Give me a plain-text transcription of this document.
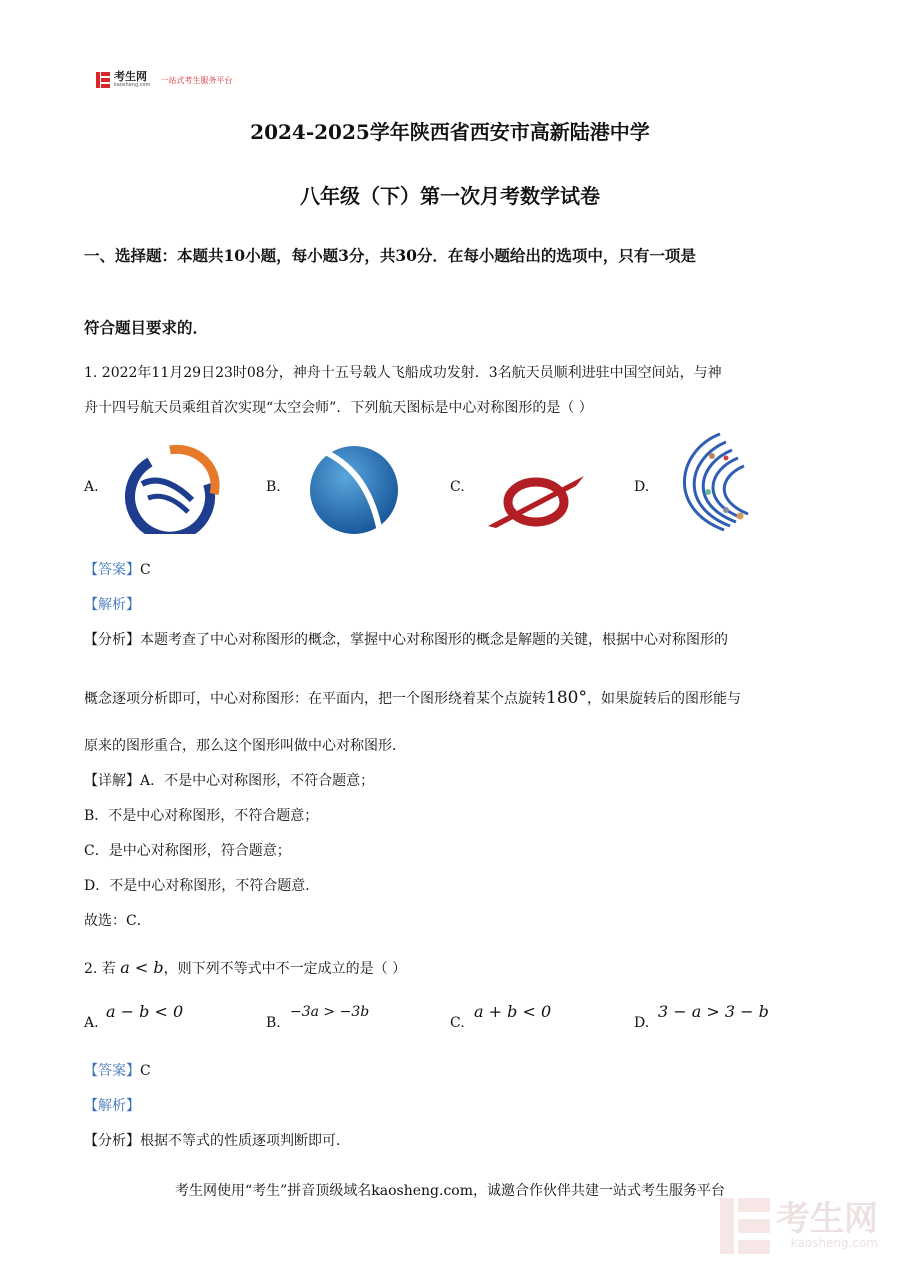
考生网
kaosheng.com
一站式考生服务平台
2024-2025学年陕西省西安市高新陆港中学
八年级（下）第一次月考数学试卷
一、选择题：本题共10小题，每小题3分，共30分．在每小题给出的选项中，只有一项是
符合题目要求的．
1. 2022年11月29日23时08分，神舟十五号载人飞船成功发射．3名航天员顺利进驻中国空间站，与神
舟十四号航天员乘组首次实现“太空会师”．下列航天图标是中心对称图形的是（ ）
A.	B.	C.	D.
【答案】C
【解析】
【分析】本题考查了中心对称图形的概念，掌握中心对称图形的概念是解题的关键，根据中心对称图形的
概念逐项分析即可，中心对称图形：在平面内，把一个图形绕着某个点旋转180°，如果旋转后的图形能与
原来的图形重合，那么这个图形叫做中心对称图形．
【详解】A．不是中心对称图形，不符合题意；
B．不是中心对称图形，不符合题意；
C．是中心对称图形，符合题意；
D．不是中心对称图形，不符合题意．
故选：C．
2. 若 a < b，则下列不等式中不一定成立的是（ ）
A.
a − b < 0
B.
−3a > −3b
C.
a + b < 0
D.
3 − a > 3 − b
【答案】C
【解析】
【分析】根据不等式的性质逐项判断即可．
考生网使用“考生”拼音顶级域名kaosheng.com，诚邀合作伙伴共建一站式考生服务平台
考生网
kaosheng.com
